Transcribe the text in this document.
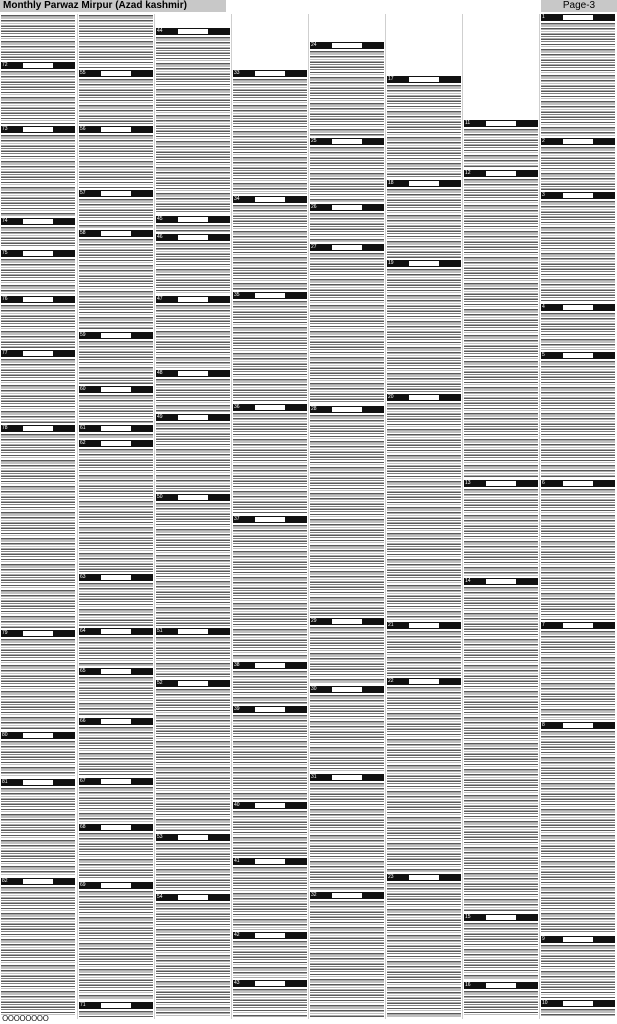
Monthly Parwaz Mirpur (Azad kashmir)	Page-3
72
73
74
75
76
77
78
79
80
81
82
55
56
57
58
59
60
61
62
63
64
65
66
67
68
69
71
44
45
46
47
48
49
50
51
52
53
54
33
34
35
36
37
38
39
40
41
42
43
24
25
26
27
28
29
30
31
32
17
18
19
20
21
22
23
11
12
13
14
15
16
1
2
3
4
5
6
7
8
9
10
OOOOOOOO
